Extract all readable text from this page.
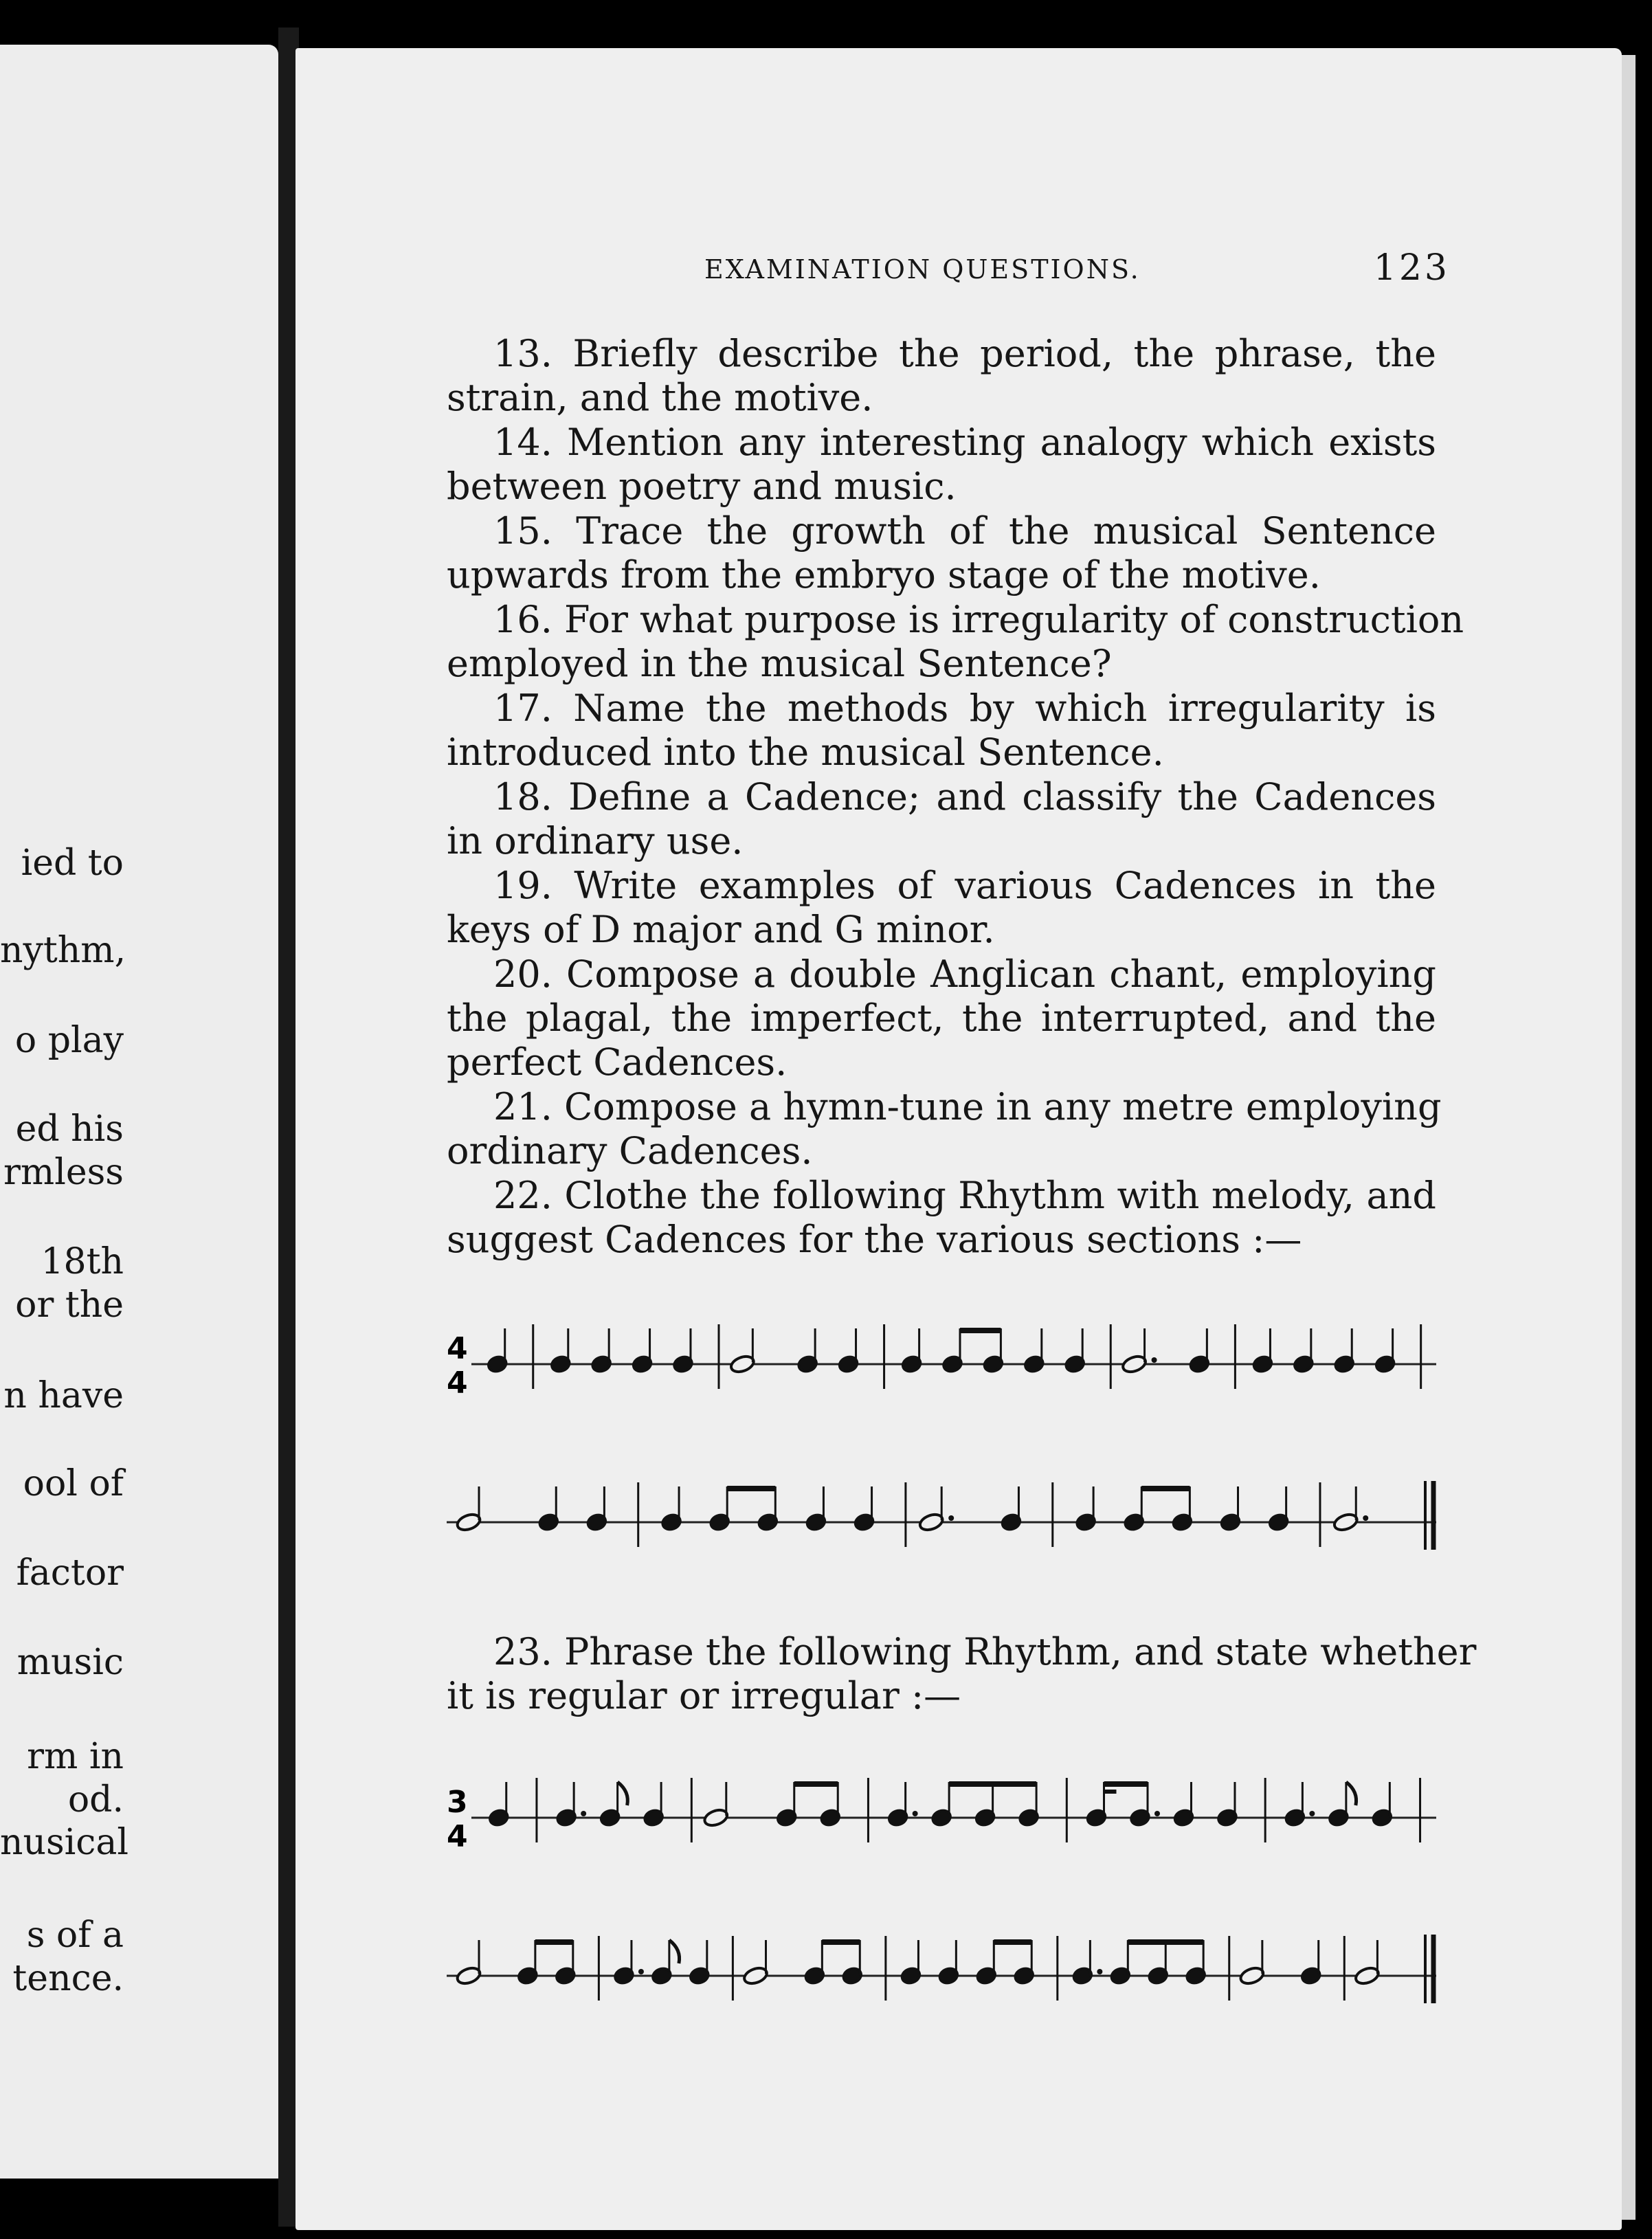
ied to
nythm,
o play
ed his
rmless
18th
or the
n have
ool of
factor
music
rm in
od.
nusical
s of a
tence.
EXAMINATION QUESTIONS.	123
13. Briefly describe the period, the phrase, the
strain, and the motive.
14. Mention any interesting analogy which exists
between poetry and music.
15. Trace the growth of the musical Sentence
upwards from the embryo stage of the motive.
16. For what purpose is irregularity of construction
employed in the musical Sentence?
17. Name the methods by which irregularity is
introduced into the musical Sentence.
18. Define a Cadence; and classify the Cadences
in ordinary use.
19. Write examples of various Cadences in the
keys of D major and G minor.
20. Compose a double Anglican chant, employing
the plagal, the imperfect, the interrupted, and the
perfect Cadences.
21. Compose a hymn-tune in any metre employing
ordinary Cadences.
22. Clothe the following Rhythm with melody, and
suggest Cadences for the various sections :—
4
4
23. Phrase the following Rhythm, and state whether
it is regular or irregular :—
3
4
